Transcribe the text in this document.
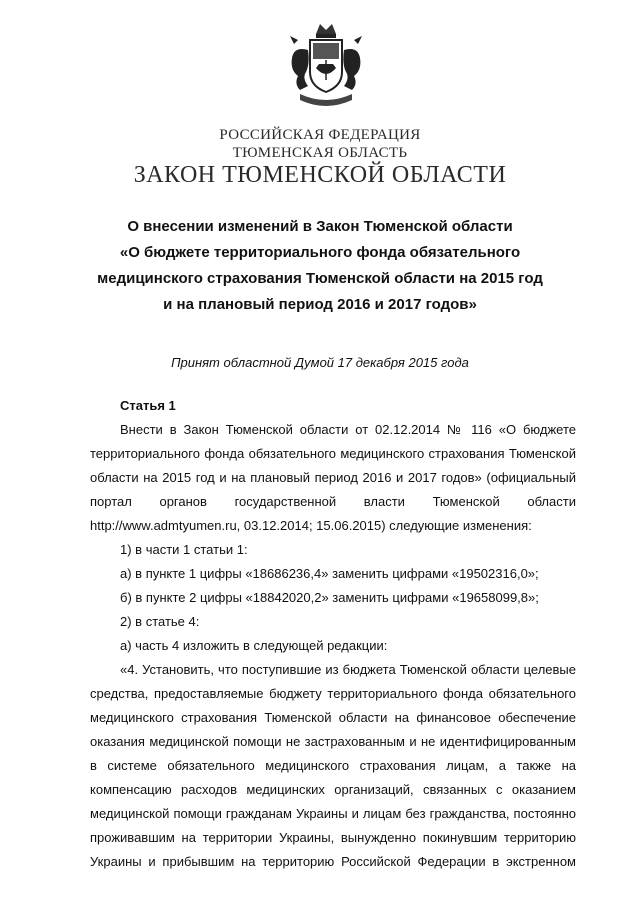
РОССИЙСКАЯ ФЕДЕРАЦИЯ
ТЮМЕНСКАЯ ОБЛАСТЬ
ЗАКОН ТЮМЕНСКОЙ ОБЛАСТИ
О внесении изменений в Закон Тюменской области
«О бюджете территориального фонда обязательного
медицинского страхования Тюменской области на 2015 год
и на плановый период 2016 и 2017 годов»
Принят областной Думой 17 декабря 2015 года
Статья 1
Внести в Закон Тюменской области от 02.12.2014 № 116 «О бюджете
территориального фонда обязательного медицинского страхования Тюменской
области на 2015 год и на плановый период 2016 и 2017 годов» (официальный
портал органов государственной власти Тюменской области
http://www.admtyumen.ru, 03.12.2014; 15.06.2015) следующие изменения:
1) в части 1 статьи 1:
а) в пункте 1 цифры «18686236,4» заменить цифрами «19502316,0»;
б) в пункте 2 цифры «18842020,2» заменить цифрами «19658099,8»;
2) в статье 4:
а) часть 4 изложить в следующей редакции:
«4. Установить, что поступившие из бюджета Тюменской области целевые
средства, предоставляемые бюджету территориального фонда обязательного
медицинского страхования Тюменской области на финансовое обеспечение
оказания медицинской помощи не застрахованным и не идентифицированным
в системе обязательного медицинского страхования лицам, а также на
компенсацию расходов медицинских организаций, связанных с оказанием
медицинской помощи гражданам Украины и лицам без гражданства, постоянно
проживавшим на территории Украины, вынужденно покинувшим территорию
Украины и прибывшим на территорию Российской Федерации в экстренном
